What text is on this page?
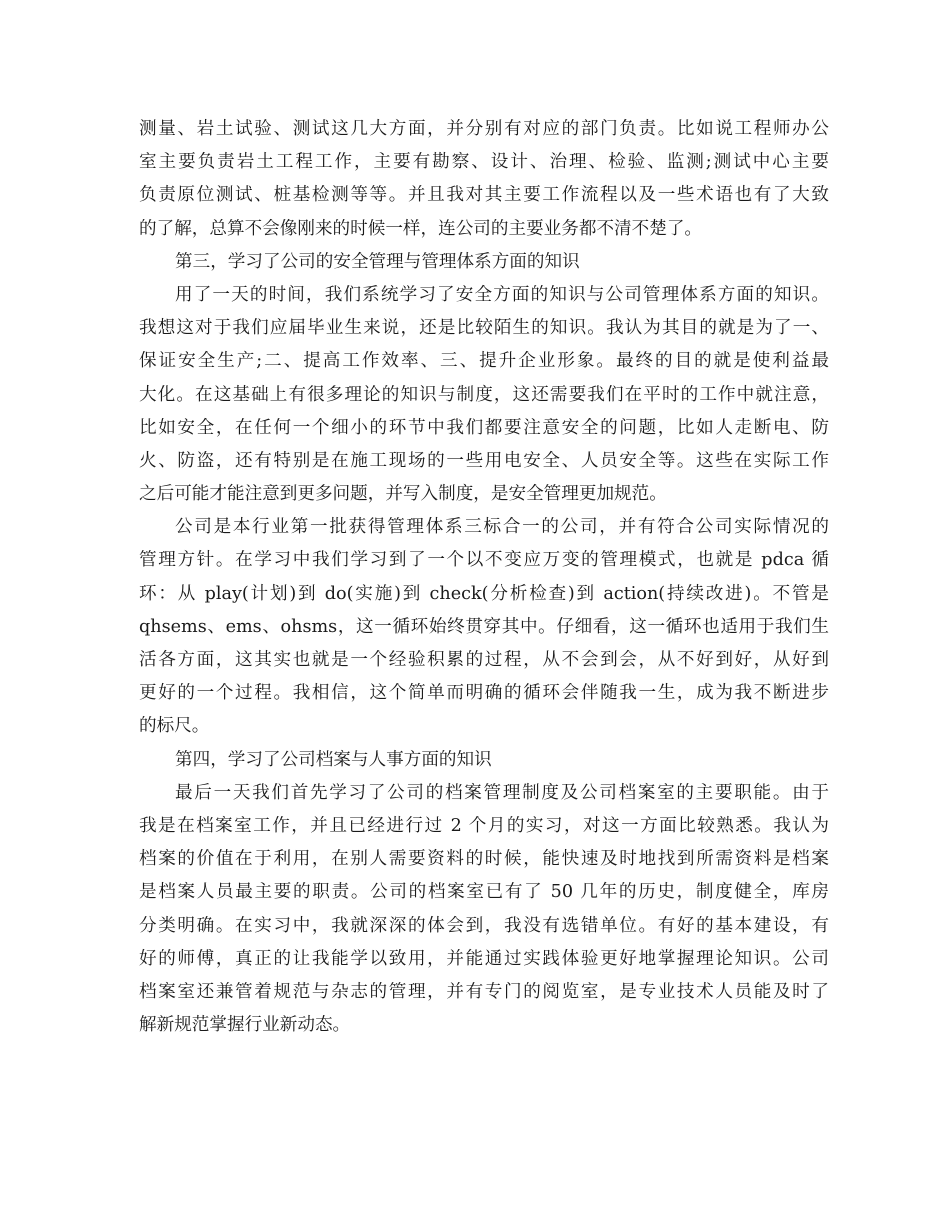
测量、岩土试验、测试这几大方面，并分别有对应的部门负责。比如说工程师办公
室主要负责岩土工程工作，主要有勘察、设计、治理、检验、监测;测试中心主要
负责原位测试、桩基检测等等。并且我对其主要工作流程以及一些术语也有了大致
的了解，总算不会像刚来的时候一样，连公司的主要业务都不清不楚了。
第三，学习了公司的安全管理与管理体系方面的知识
用了一天的时间，我们系统学习了安全方面的知识与公司管理体系方面的知识。
我想这对于我们应届毕业生来说，还是比较陌生的知识。我认为其目的就是为了一、
保证安全生产;二、提高工作效率、三、提升企业形象。最终的目的就是使利益最
大化。在这基础上有很多理论的知识与制度，这还需要我们在平时的工作中就注意，
比如安全，在任何一个细小的环节中我们都要注意安全的问题，比如人走断电、防
火、防盗，还有特别是在施工现场的一些用电安全、人员安全等。这些在实际工作
之后可能才能注意到更多问题，并写入制度，是安全管理更加规范。
公司是本行业第一批获得管理体系三标合一的公司，并有符合公司实际情况的
管理方针。在学习中我们学习到了一个以不变应万变的管理模式，也就是 pdca 循
环：从 play(计划)到 do(实施)到 check(分析检查)到 action(持续改进)。不管是
qhsems、ems、ohsms，这一循环始终贯穿其中。仔细看，这一循环也适用于我们生
活各方面，这其实也就是一个经验积累的过程，从不会到会，从不好到好，从好到
更好的一个过程。我相信，这个简单而明确的循环会伴随我一生，成为我不断进步
的标尺。
第四，学习了公司档案与人事方面的知识
最后一天我们首先学习了公司的档案管理制度及公司档案室的主要职能。由于
我是在档案室工作，并且已经进行过 2 个月的实习，对这一方面比较熟悉。我认为
档案的价值在于利用，在别人需要资料的时候，能快速及时地找到所需资料是档案
是档案人员最主要的职责。公司的档案室已有了 50 几年的历史，制度健全，库房
分类明确。在实习中，我就深深的体会到，我没有选错单位。有好的基本建设，有
好的师傅，真正的让我能学以致用，并能通过实践体验更好地掌握理论知识。公司
档案室还兼管着规范与杂志的管理，并有专门的阅览室，是专业技术人员能及时了
解新规范掌握行业新动态。
